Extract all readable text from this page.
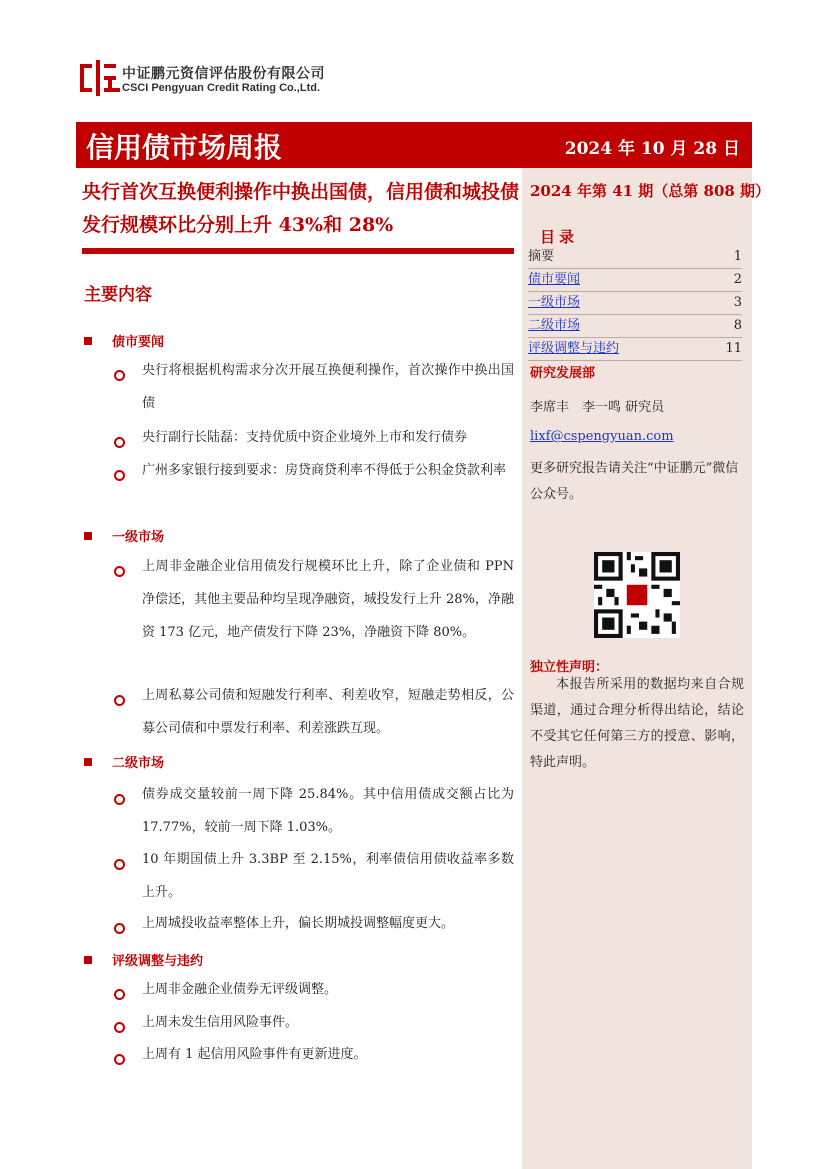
中证鹏元资信评估股份有限公司
CSCI Pengyuan Credit Rating Co.,Ltd.
信用债市场周报	2024 年 10 月 28 日
央行首次互换便利操作中换出国债，信用债和城投债发行规模环比分别上升 43%和 28%
2024 年第 41 期（总第 808 期）
目录
摘要	1
债市要闻	2
一级市场	3
二级市场	8
评级调整与违约	11
研究发展部
李席丰　李一鸣 研究员
lixf@cspengyuan.com
更多研究报告请关注“中证鹏元”微信公众号。
独立性声明：
本报告所采用的数据均来自合规渠道，通过合理分析得出结论，结论不受其它任何第三方的授意、影响，特此声明。
主要内容
债市要闻
央行将根据机构需求分次开展互换便利操作，首次操作中换出国债
央行副行长陆磊：支持优质中资企业境外上市和发行债券
广州多家银行接到要求：房贷商贷利率不得低于公积金贷款利率
一级市场
上周非金融企业信用债发行规模环比上升，除了企业债和 PPN 净偿还，其他主要品种均呈现净融资，城投发行上升 28%，净融资 173 亿元，地产债发行下降 23%，净融资下降 80%。
上周私募公司债和短融发行利率、利差收窄，短融走势相反，公募公司债和中票发行利率、利差涨跌互现。
二级市场
债券成交量较前一周下降 25.84%。其中信用债成交额占比为 17.77%，较前一周下降 1.03%。
10 年期国债上升 3.3BP 至 2.15%，利率债信用债收益率多数上升。
上周城投收益率整体上升，偏长期城投调整幅度更大。
评级调整与违约
上周非金融企业债券无评级调整。
上周未发生信用风险事件。
上周有 1 起信用风险事件有更新进度。
